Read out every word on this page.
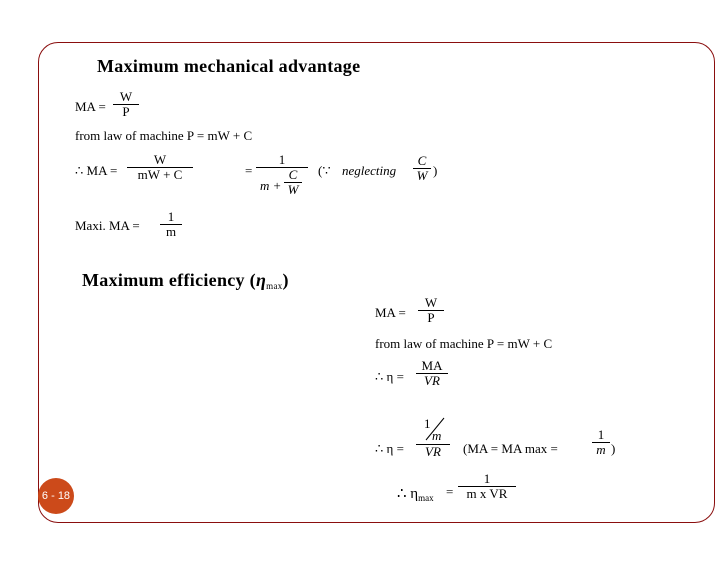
Maximum mechanical advantage
MA = $\frac{W}{P}$
from law of machine P = mW + C
∴ MA = $\frac{W}{mW + C}$	= 1
m +
C
W (∵ neglecting $\frac{C}{W}$ )
Maxi. MA = $\frac{1}{m}$
Maximum efficiency $(\eta_{max})$
MA = $\frac{W}{P}$
from law of machine P = mW + C
∴ $\eta = \frac{MA}{VR}$
∴ η = 1
m
VR (MA = MA max =	$\frac{1}{m}$ )
∴ $\eta_{max} = \frac{1}{\text{m x VR}}$
6 - 18
